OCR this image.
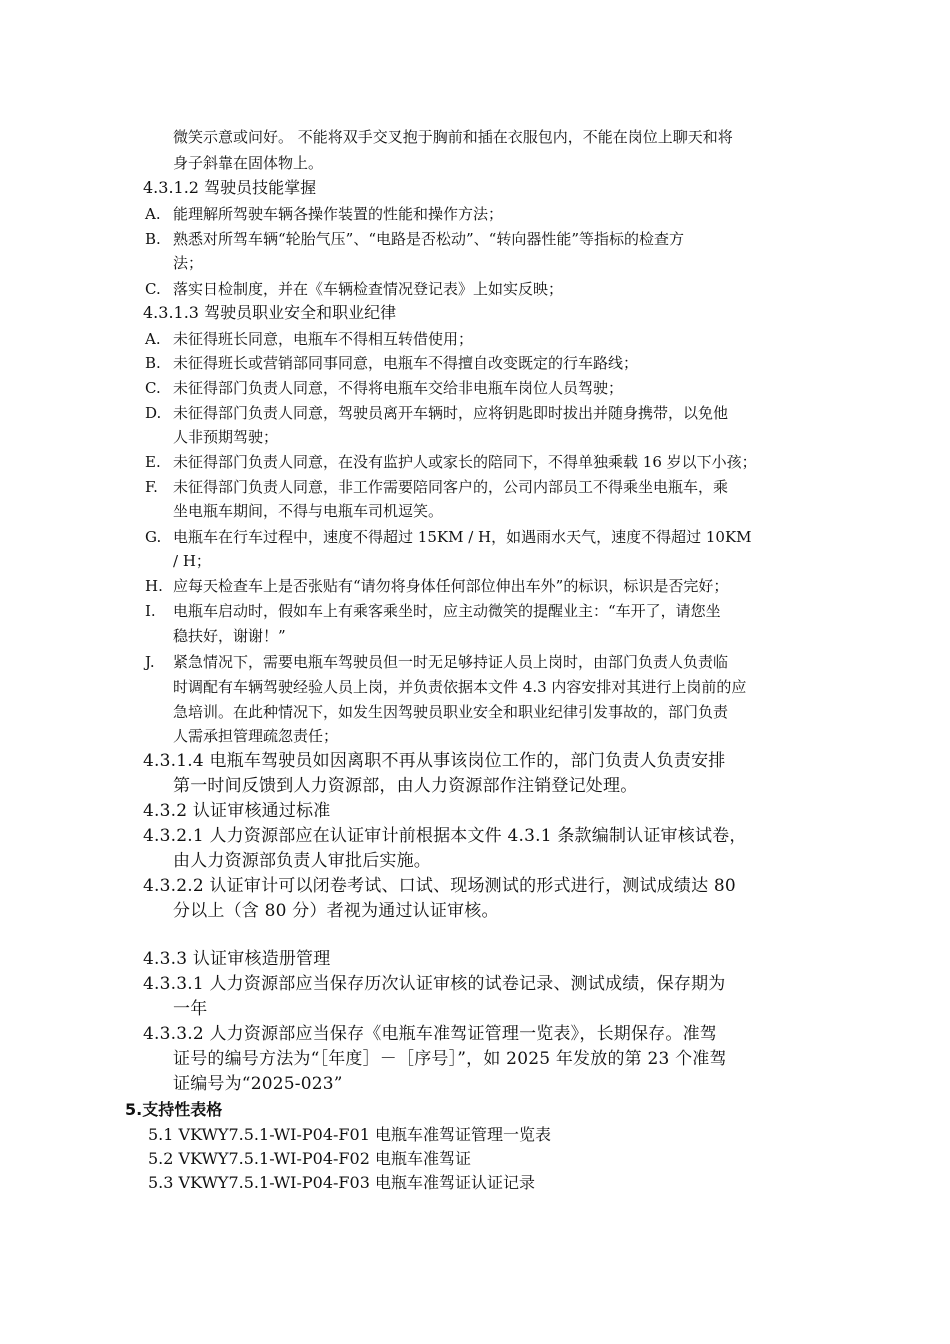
微笑示意或问好。 不能将双手交叉抱于胸前和插在衣服包内，不能在岗位上聊天和将
身子斜靠在固体物上。
4.3.1.2 驾驶员技能掌握
A. 能理解所驾驶车辆各操作装置的性能和操作方法；
B. 熟悉对所驾车辆“轮胎气压”、“电路是否松动”、“转向器性能”等指标的检查方
法；
C. 落实日检制度，并在《车辆检查情况登记表》上如实反映；
4.3.1.3 驾驶员职业安全和职业纪律
A. 未征得班长同意，电瓶车不得相互转借使用；
B. 未征得班长或营销部同事同意，电瓶车不得擅自改变既定的行车路线；
C. 未征得部门负责人同意，不得将电瓶车交给非电瓶车岗位人员驾驶；
D. 未征得部门负责人同意，驾驶员离开车辆时，应将钥匙即时拔出并随身携带，以免他
人非预期驾驶；
E. 未征得部门负责人同意，在没有监护人或家长的陪同下，不得单独乘载 16 岁以下小孩；
F. 未征得部门负责人同意，非工作需要陪同客户的，公司内部员工不得乘坐电瓶车，乘
坐电瓶车期间，不得与电瓶车司机逗笑。
G. 电瓶车在行车过程中，速度不得超过 15KM / H，如遇雨水天气，速度不得超过 10KM
/ H；
H. 应每天检查车上是否张贴有“请勿将身体任何部位伸出车外”的标识，标识是否完好；
I. 电瓶车启动时，假如车上有乘客乘坐时，应主动微笑的提醒业主：“车开了，请您坐
稳扶好，谢谢！”
J. 紧急情况下，需要电瓶车驾驶员但一时无足够持证人员上岗时，由部门负责人负责临
时调配有车辆驾驶经验人员上岗，并负责依据本文件 4.3 内容安排对其进行上岗前的应
急培训。在此种情况下，如发生因驾驶员职业安全和职业纪律引发事故的，部门负责
人需承担管理疏忽责任；
4.3.1.4 电瓶车驾驶员如因离职不再从事该岗位工作的，部门负责人负责安排
第一时间反馈到人力资源部，由人力资源部作注销登记处理。
4.3.2 认证审核通过标准
4.3.2.1 人力资源部应在认证审计前根据本文件 4.3.1 条款编制认证审核试卷，
由人力资源部负责人审批后实施。
4.3.2.2 认证审计可以闭卷考试、口试、现场测试的形式进行，测试成绩达 80
分以上（含 80 分）者视为通过认证审核。
4.3.3 认证审核造册管理
4.3.3.1 人力资源部应当保存历次认证审核的试卷记录、测试成绩，保存期为
一年
4.3.3.2 人力资源部应当保存《电瓶车准驾证管理一览表》，长期保存。准驾
证号的编号方法为“［年度］－［序号］”，如 2025 年发放的第 23 个准驾
证编号为“2025-023”
5.支持性表格
5.1 VKWY7.5.1-WI-P04-F01 电瓶车准驾证管理一览表
5.2 VKWY7.5.1-WI-P04-F02 电瓶车准驾证
5.3 VKWY7.5.1-WI-P04-F03 电瓶车准驾证认证记录
